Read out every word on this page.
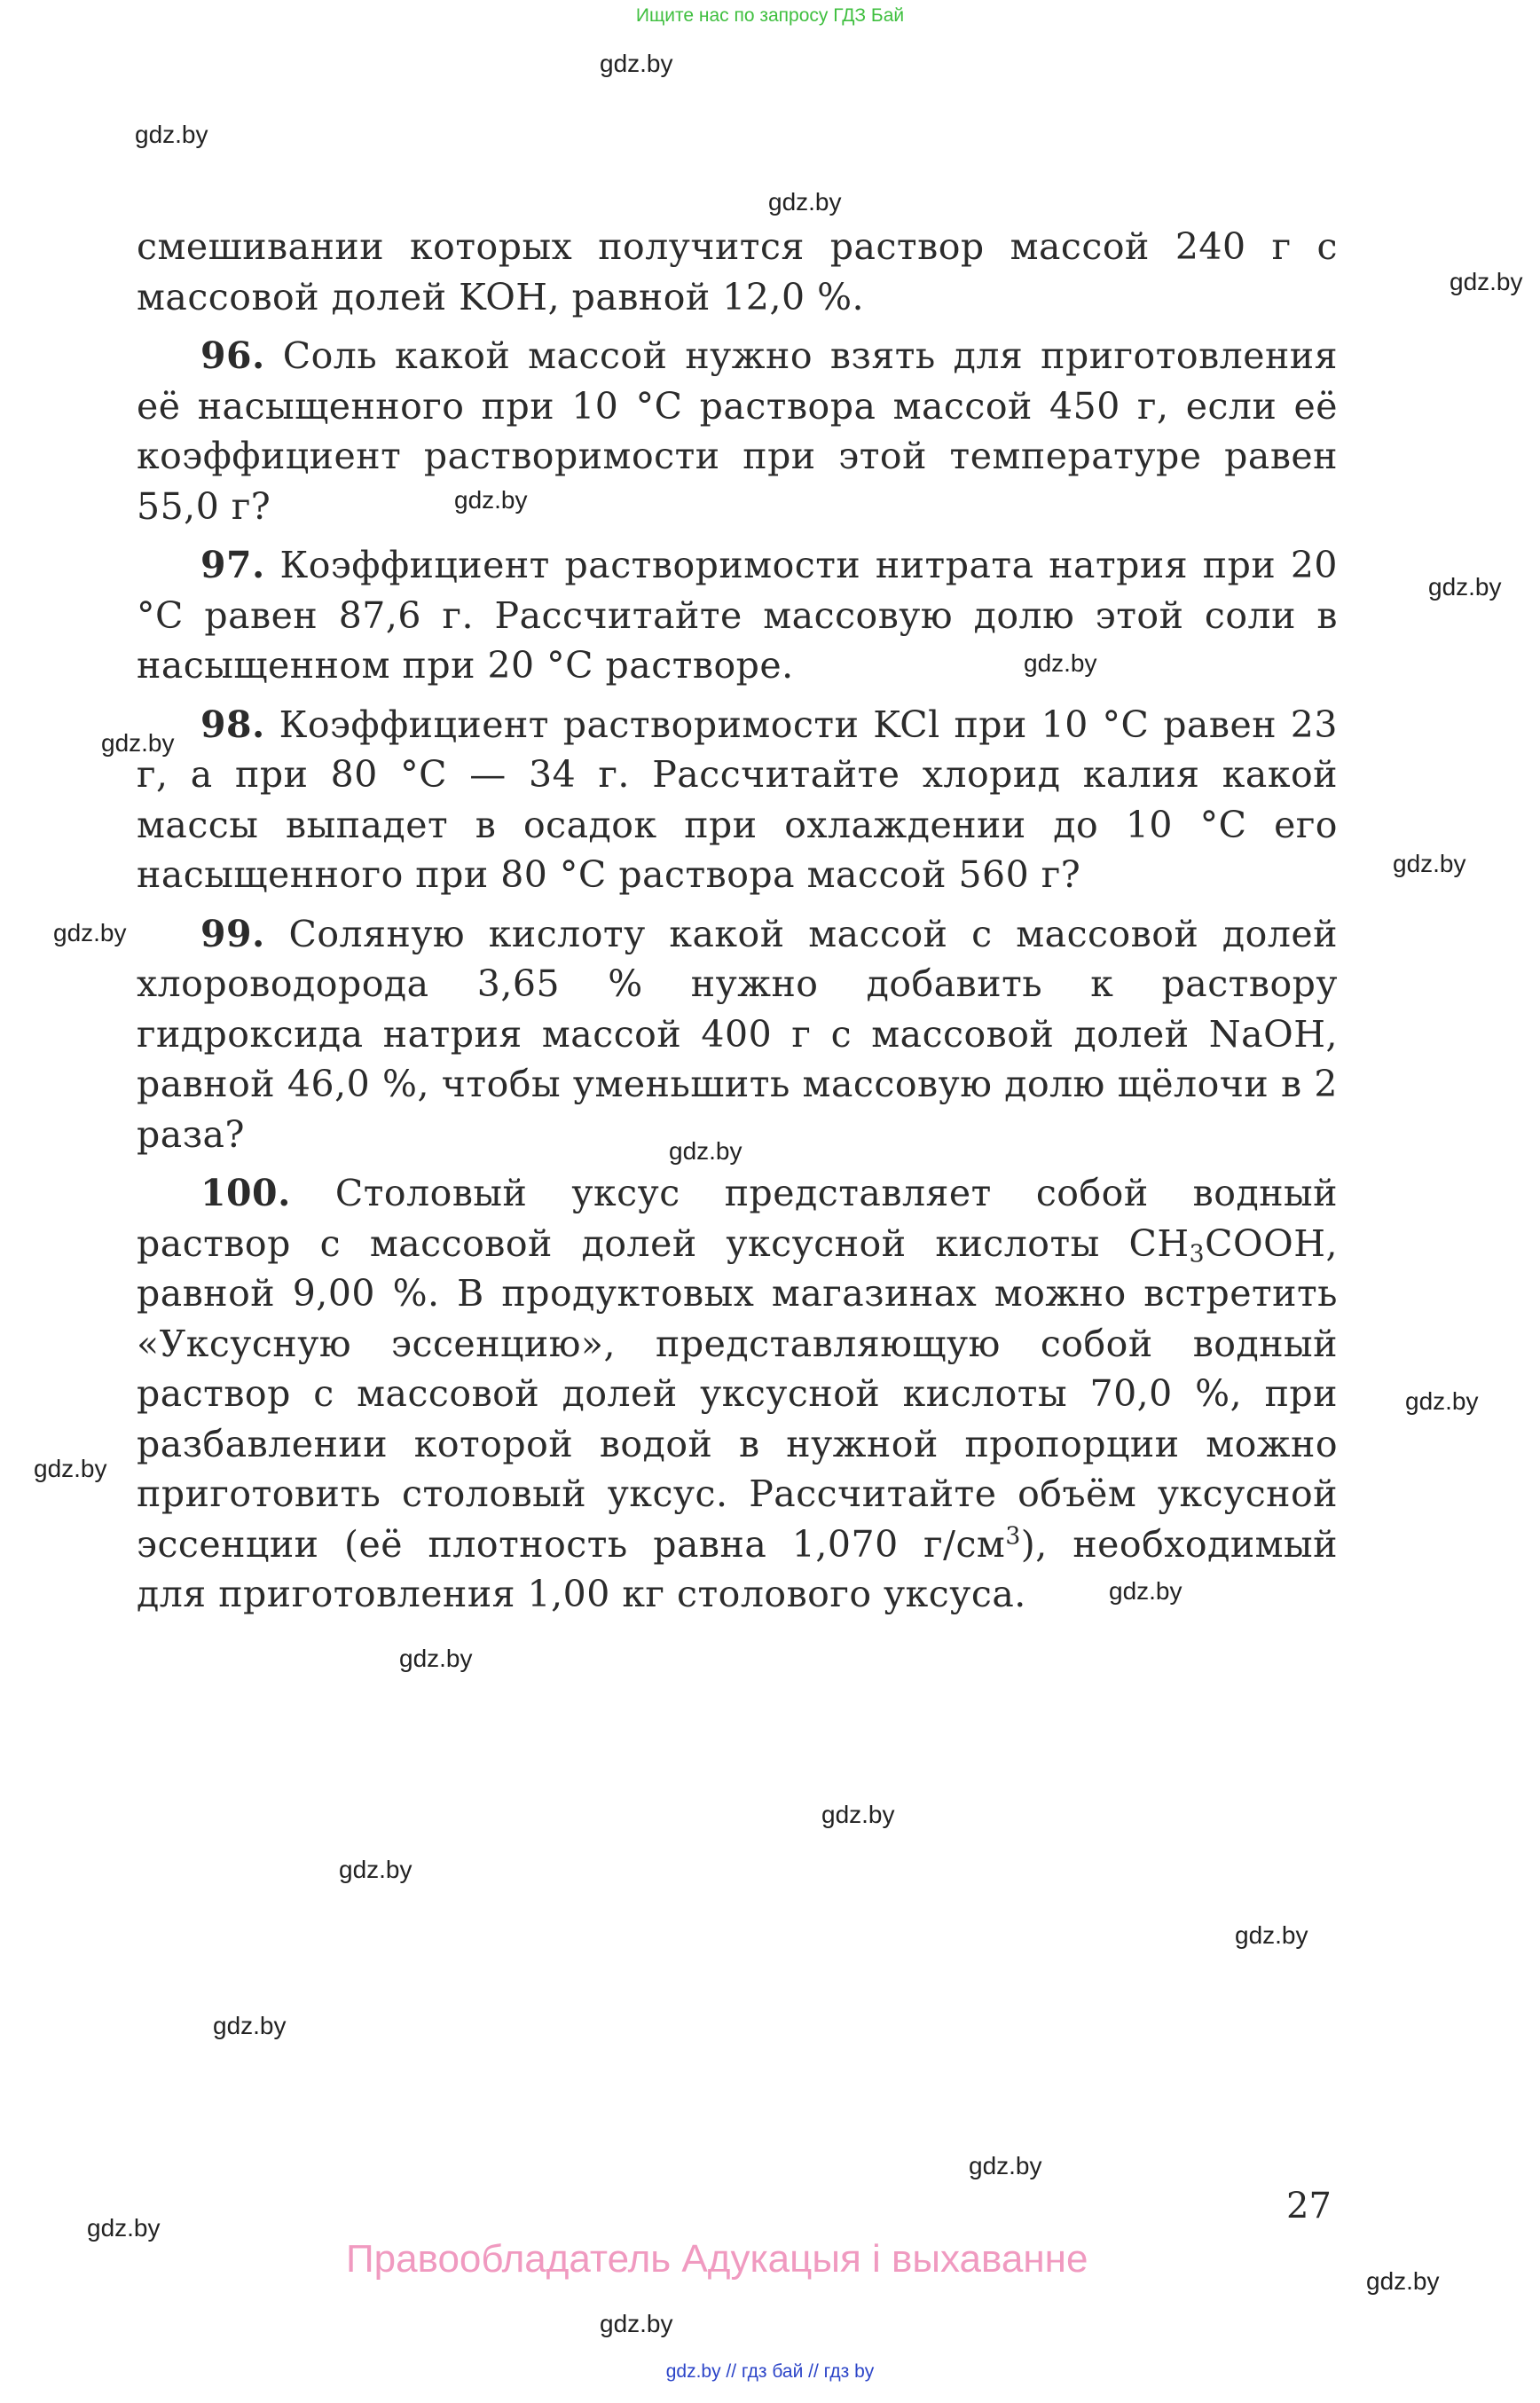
Ищите нас по запросу ГДЗ Бай
gdz.by
gdz.by
gdz.by
gdz.by
gdz.by
gdz.by
gdz.by
gdz.by
gdz.by
gdz.by
gdz.by
gdz.by
gdz.by
gdz.by
gdz.by
gdz.by
gdz.by
gdz.by
gdz.by
gdz.by
gdz.by
gdz.by
gdz.by

смешивании которых получится раствор массой 240 г с массовой долей KOH, равной 12,0 %.

96. Соль какой массой нужно взять для приготовления её насыщенного при 10 °C раствора массой 450 г, если её коэффициент растворимости при этой температуре равен 55,0 г?

97. Коэффициент растворимости нитрата натрия при 20 °C равен 87,6 г. Рассчитайте массовую долю этой соли в насыщенном при 20 °C растворе.

98. Коэффициент растворимости KCl при 10 °C равен 23 г, а при 80 °C — 34 г. Рассчитайте хлорид калия какой массы выпадет в осадок при охлаждении до 10 °C его насыщенного при 80 °C раствора массой 560 г?

99. Соляную кислоту какой массой с массовой долей хлороводорода 3,65 % нужно добавить к раствору гидроксида натрия массой 400 г с массовой долей NaOH, равной 46,0 %, чтобы уменьшить массовую долю щёлочи в 2 раза?

100. Столовый уксус представляет собой водный раствор с массовой долей уксусной кислоты $CH_3COOH$, равной 9,00 %. В продуктовых магазинах можно встретить «Уксусную эссенцию», представляющую собой водный раствор с массовой долей уксусной кислоты 70,0 %, при разбавлении которой водой в нужной пропорции можно приготовить столовый уксус. Рассчитайте объём уксусной эссенции (её плотность равна 1,070 $г/см^3$), необходимый для приготовления 1,00 кг столового уксуса.

27
Правообладатель Адукацыя і выхаванне
gdz.by // гдз бай // гдз by
